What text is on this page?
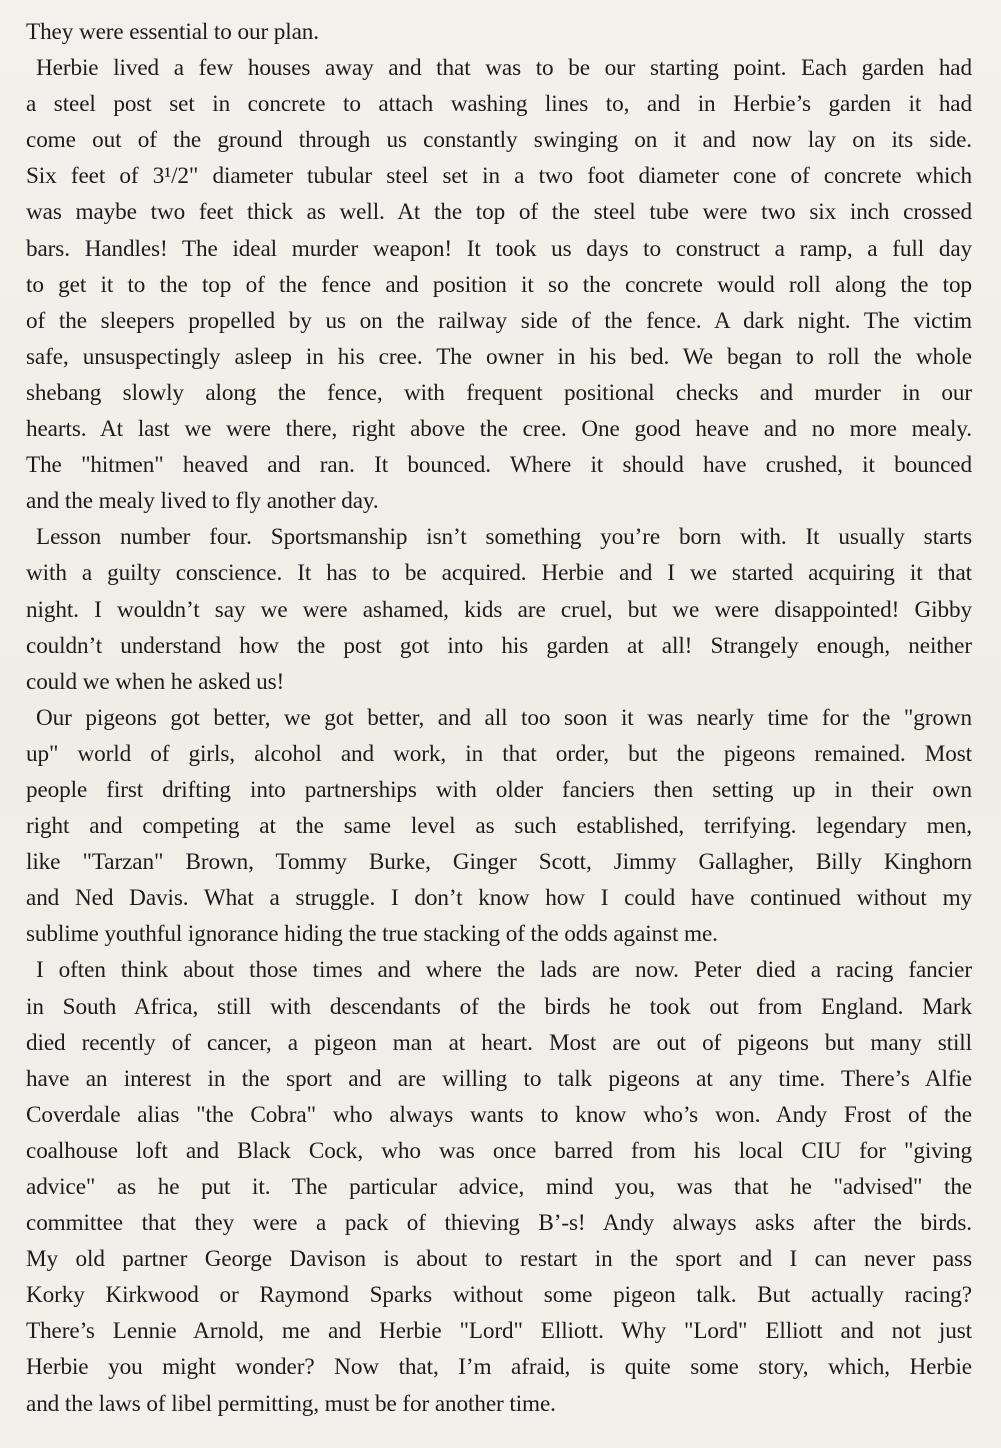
They were essential to our plan.
Herbie lived a few houses away and that was to be our starting point. Each garden had
a steel post set in concrete to attach washing lines to, and in Herbie’s garden it had
come out of the ground through us constantly swinging on it and now lay on its side.
Six feet of 3¹/2" diameter tubular steel set in a two foot diameter cone of concrete which
was maybe two feet thick as well. At the top of the steel tube were two six inch crossed
bars. Handles! The ideal murder weapon! It took us days to construct a ramp, a full day
to get it to the top of the fence and position it so the concrete would roll along the top
of the sleepers propelled by us on the railway side of the fence. A dark night. The victim
safe, unsuspectingly asleep in his cree. The owner in his bed. We began to roll the whole
shebang slowly along the fence, with frequent positional checks and murder in our
hearts. At last we were there, right above the cree. One good heave and no more mealy.
The "hitmen" heaved and ran. It bounced. Where it should have crushed, it bounced
and the mealy lived to fly another day.
Lesson number four. Sportsmanship isn’t something you’re born with. It usually starts
with a guilty conscience. It has to be acquired. Herbie and I we started acquiring it that
night. I wouldn’t say we were ashamed, kids are cruel, but we were disappointed! Gibby
couldn’t understand how the post got into his garden at all! Strangely enough, neither
could we when he asked us!
Our pigeons got better, we got better, and all too soon it was nearly time for the "grown
up" world of girls, alcohol and work, in that order, but the pigeons remained. Most
people first drifting into partnerships with older fanciers then setting up in their own
right and competing at the same level as such established, terrifying. legendary men,
like "Tarzan" Brown, Tommy Burke, Ginger Scott, Jimmy Gallagher, Billy Kinghorn
and Ned Davis. What a struggle. I don’t know how I could have continued without my
sublime youthful ignorance hiding the true stacking of the odds against me.
I often think about those times and where the lads are now. Peter died a racing fancier
in South Africa, still with descendants of the birds he took out from England. Mark
died recently of cancer, a pigeon man at heart. Most are out of pigeons but many still
have an interest in the sport and are willing to talk pigeons at any time. There’s Alfie
Coverdale alias "the Cobra" who always wants to know who’s won. Andy Frost of the
coalhouse loft and Black Cock, who was once barred from his local CIU for "giving
advice" as he put it. The particular advice, mind you, was that he "advised" the
committee that they were a pack of thieving B’-s! Andy always asks after the birds.
My old partner George Davison is about to restart in the sport and I can never pass
Korky Kirkwood or Raymond Sparks without some pigeon talk. But actually racing?
There’s Lennie Arnold, me and Herbie "Lord" Elliott. Why "Lord" Elliott and not just
Herbie you might wonder? Now that, I’m afraid, is quite some story, which, Herbie
and the laws of libel permitting, must be for another time.
